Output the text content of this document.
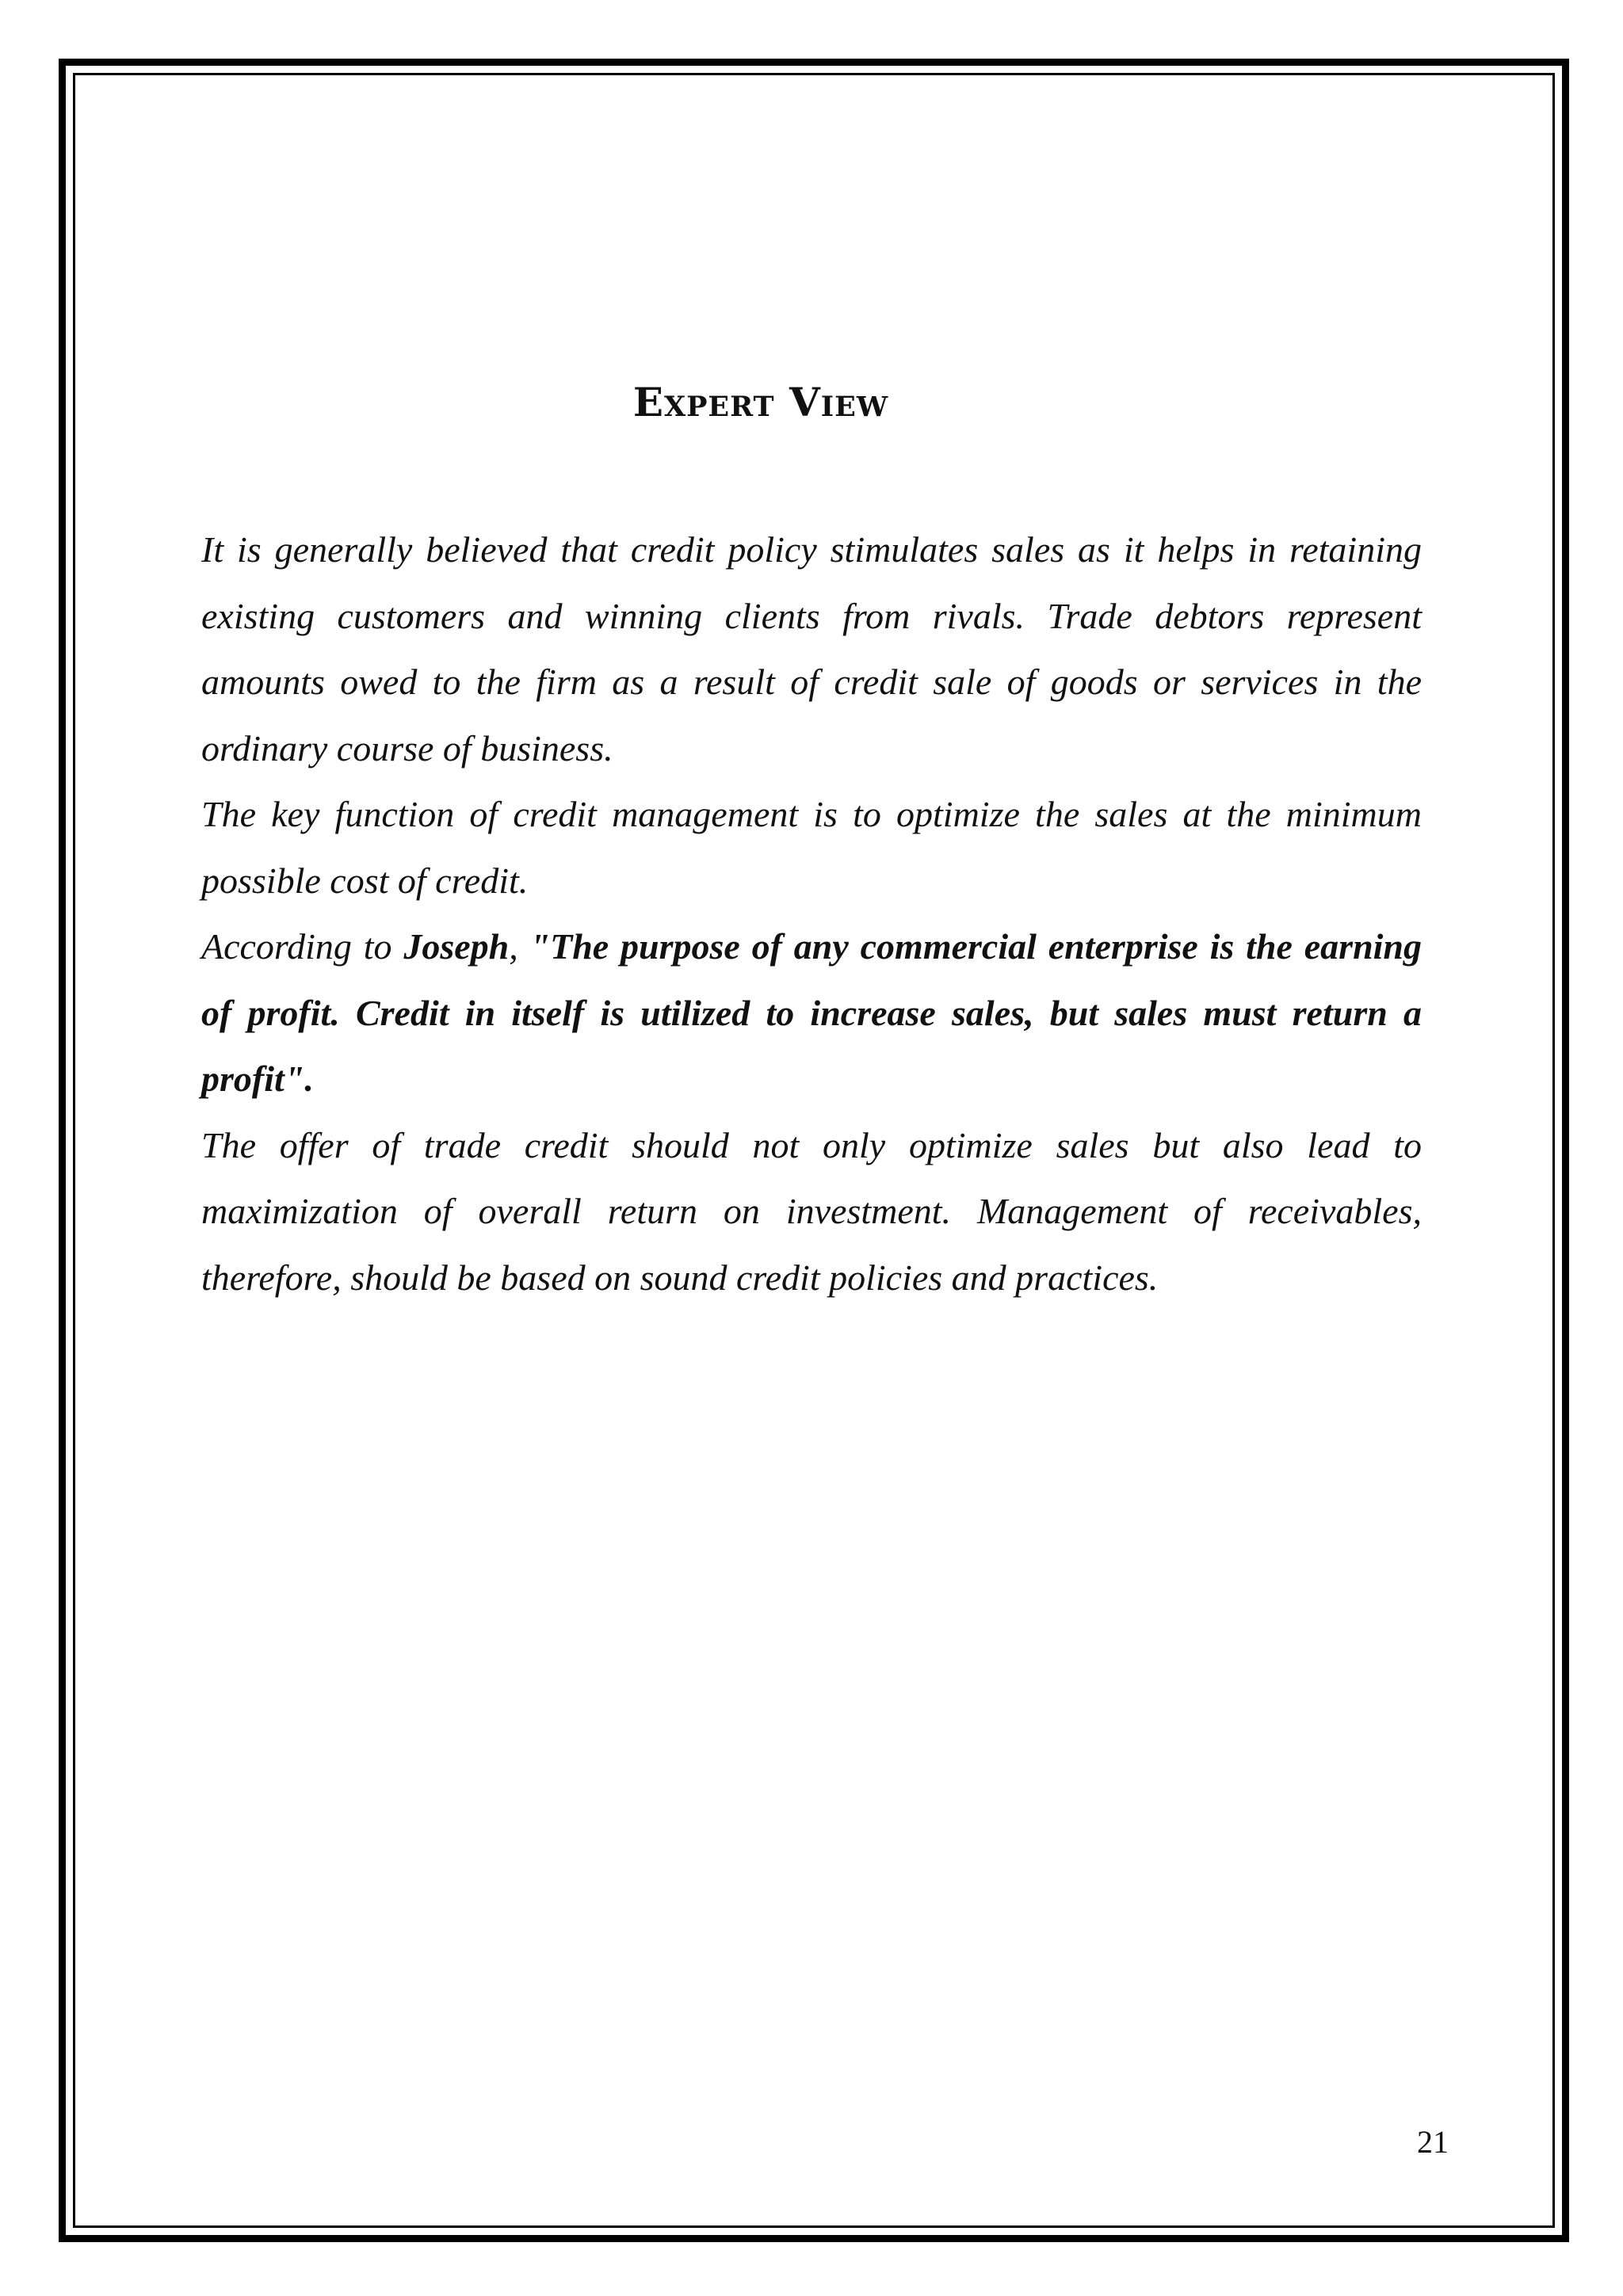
Expert View

It is generally believed that credit policy stimulates sales as it helps in retaining existing customers and winning clients from rivals. Trade debtors represent amounts owed to the firm as a result of credit sale of goods or services in the ordinary course of business.

The key function of credit management is to optimize the sales at the minimum possible cost of credit.

According to Joseph, "The purpose of any commercial enterprise is the earning of profit. Credit in itself is utilized to increase sales, but sales must return a profit".

The offer of trade credit should not only optimize sales but also lead to maximization of overall return on investment. Management of receivables, therefore, should be based on sound credit policies and practices.

21
